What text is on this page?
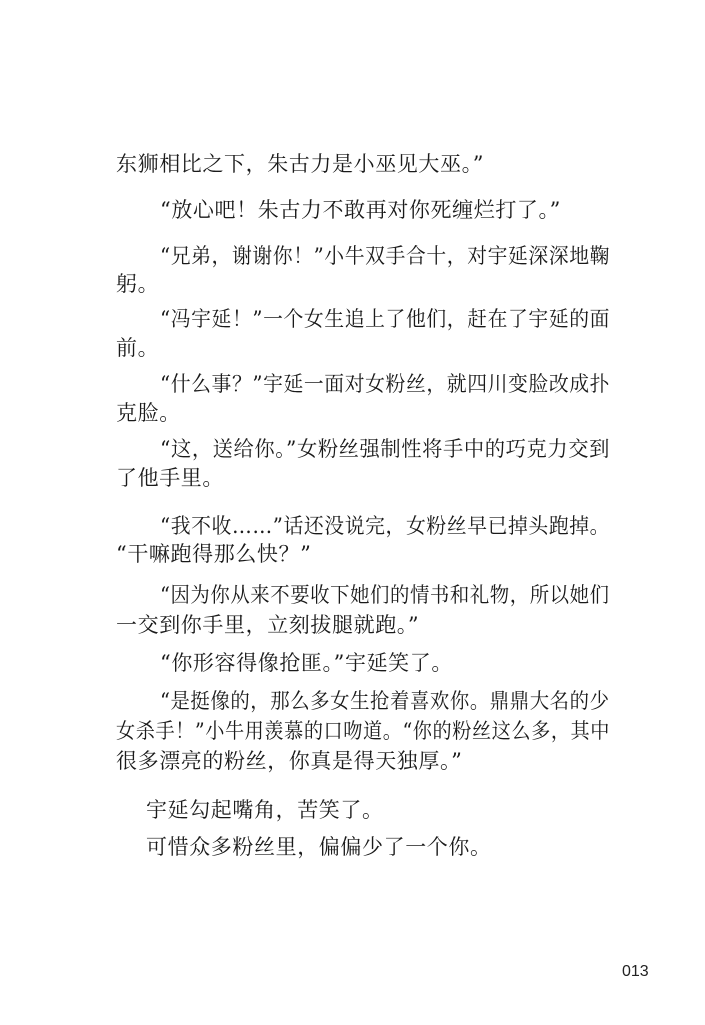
东狮相比之下，朱古力是小巫见大巫。”
“放心吧！朱古力不敢再对你死缠烂打了。”
“兄弟，谢谢你！”小牛双手合十，对宇延深深地鞠
躬。
“冯宇延！”一个女生追上了他们，赶在了宇延的面
前。
“什么事？”宇延一面对女粉丝，就四川变脸改成扑
克脸。
“这，送给你。”女粉丝强制性将手中的巧克力交到
了他手里。
“我不收……”话还没说完，女粉丝早已掉头跑掉。
“干嘛跑得那么快？”
“因为你从来不要收下她们的情书和礼物，所以她们
一交到你手里，立刻拔腿就跑。”
“你形容得像抢匪。”宇延笑了。
“是挺像的，那么多女生抢着喜欢你。鼎鼎大名的少
女杀手！”小牛用羡慕的口吻道。“你的粉丝这么多，其中
很多漂亮的粉丝，你真是得天独厚。”
宇延勾起嘴角，苦笑了。
可惜众多粉丝里，偏偏少了一个你。
013
